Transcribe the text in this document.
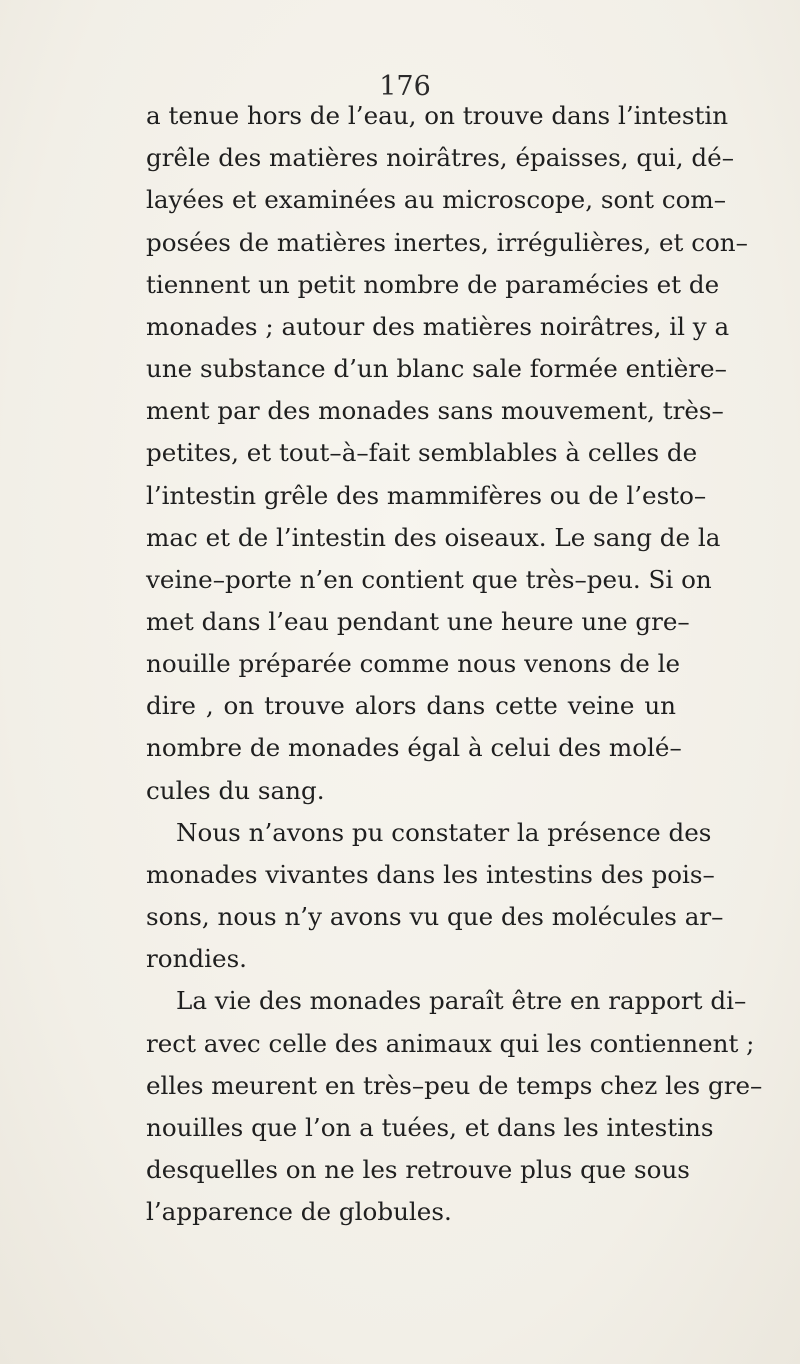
176

a tenue hors de l’eau, on trouve dans l’intestin

grêle des matières noirâtres, épaisses, qui, dé–

layées et examinées au microscope, sont com–

posées de matières inertes, irrégulières, et con–

tiennent un petit nombre de paramécies et de

monades ; autour des matières noirâtres, il y a

une substance d’un blanc sale formée entière–

ment par des monades sans mouvement, très–

petites, et tout–à–fait semblables à celles de

l’intestin grêle des mammifères ou de l’esto–

mac et de l’intestin des oiseaux. Le sang de la

veine–porte n’en contient que très–peu. Si on

met dans l’eau pendant une heure une gre–

nouille préparée comme nous venons de le

dire , on trouve alors dans cette veine un

nombre de monades égal à celui des molé–

cules du sang.

Nous n’avons pu constater la présence des

monades vivantes dans les intestins des pois–

sons, nous n’y avons vu que des molécules ar–

rondies.

La vie des monades paraît être en rapport di–

rect avec celle des animaux qui les contiennent ;

elles meurent en très–peu de temps chez les gre–

nouilles que l’on a tuées, et dans les intestins

desquelles on ne les retrouve plus que sous

l’apparence de globules.
